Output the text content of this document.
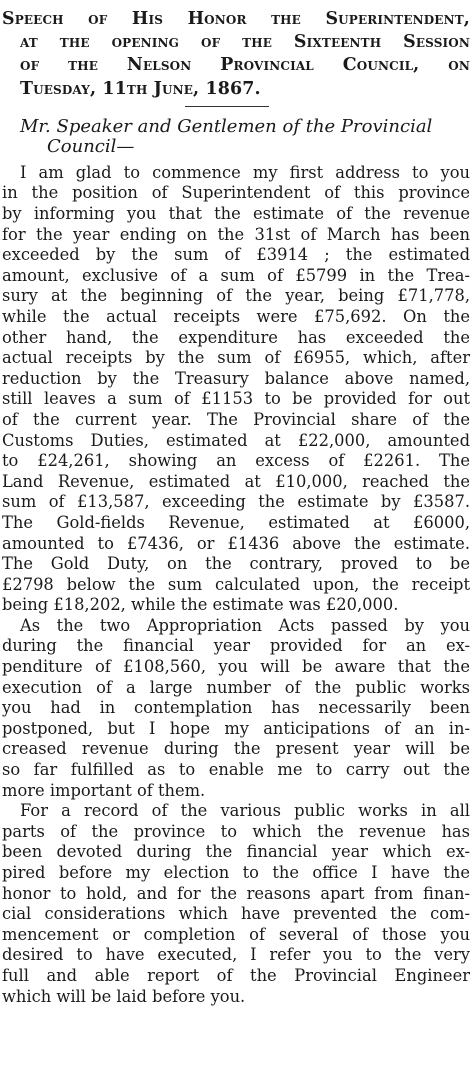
Speech of His Honor the Superintendent,
at the opening of the Sixteenth Session
of the Nelson Provincial Council, on
Tuesday, 11th June, 1867.
Mr. Speaker and Gentlemen of the Provincial
Council—
I am glad to commence my first address to you
in the position of Superintendent of this province
by informing you that the estimate of the revenue
for the year ending on the 31st of March has been
exceeded by the sum of £3914 ; the estimated
amount, exclusive of a sum of £5799 in the Trea-
sury at the beginning of the year, being £71,778,
while the actual receipts were £75,692. On the
other hand, the expenditure has exceeded the
actual receipts by the sum of £6955, which, after
reduction by the Treasury balance above named,
still leaves a sum of £1153 to be provided for out
of the current year. The Provincial share of the
Customs Duties, estimated at £22,000, amounted
to £24,261, showing an excess of £2261. The
Land Revenue, estimated at £10,000, reached the
sum of £13,587, exceeding the estimate by £3587.
The Gold-fields Revenue, estimated at £6000,
amounted to £7436, or £1436 above the estimate.
The Gold Duty, on the contrary, proved to be
£2798 below the sum calculated upon, the receipt
being £18,202, while the estimate was £20,000.
As the two Appropriation Acts passed by you
during the financial year provided for an ex-
penditure of £108,560, you will be aware that the
execution of a large number of the public works
you had in contemplation has necessarily been
postponed, but I hope my anticipations of an in-
creased revenue during the present year will be
so far fulfilled as to enable me to carry out the
more important of them.
For a record of the various public works in all
parts of the province to which the revenue has
been devoted during the financial year which ex-
pired before my election to the office I have the
honor to hold, and for the reasons apart from finan-
cial considerations which have prevented the com-
mencement or completion of several of those you
desired to have executed, I refer you to the very
full and able report of the Provincial Engineer
which will be laid before you.
